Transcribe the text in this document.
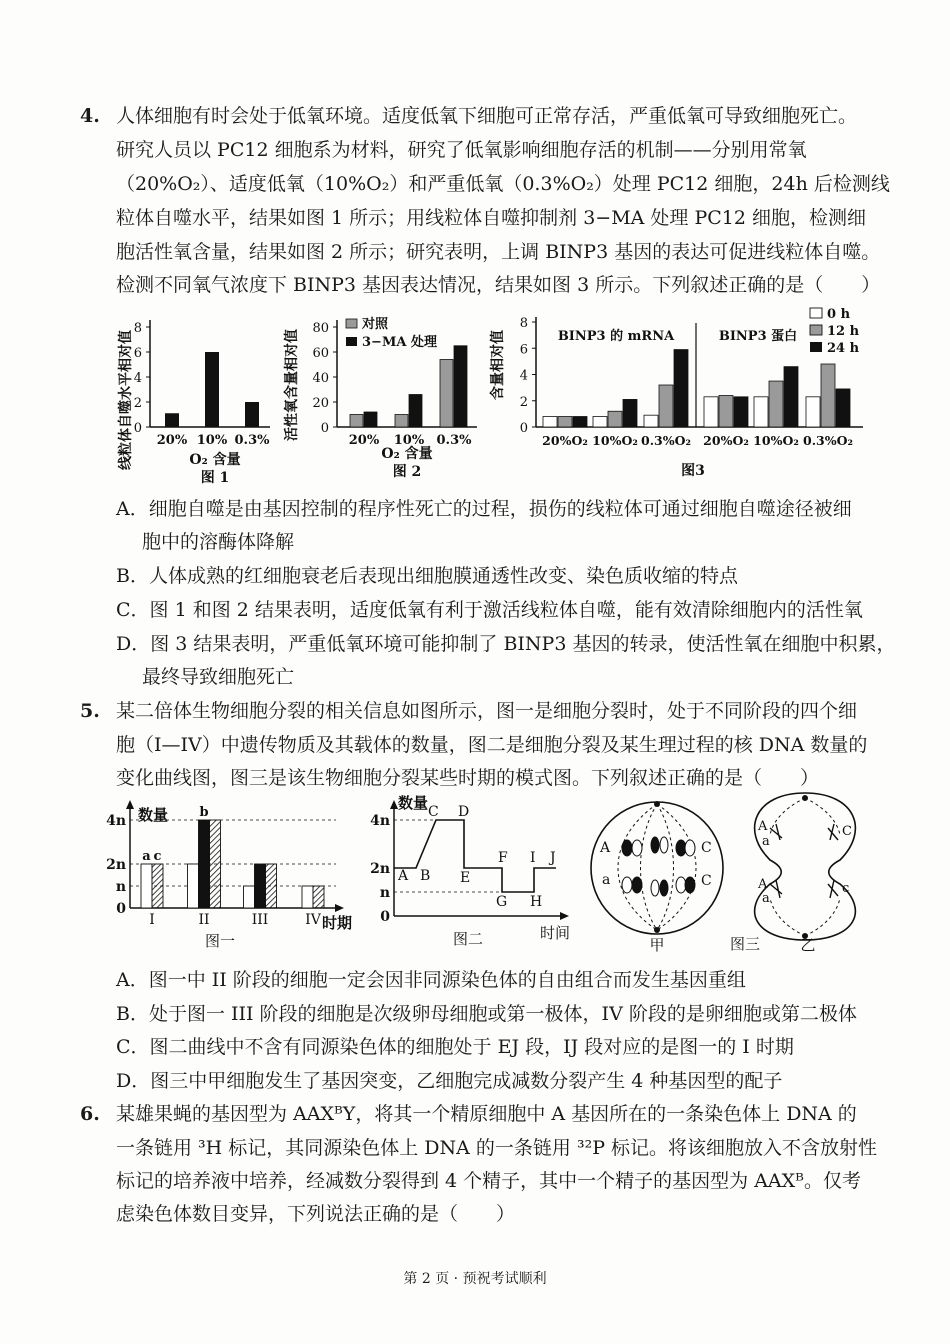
4. 人体细胞有时会处于低氧环境。适度低氧下细胞可正常存活，严重低氧可导致细胞死亡。
研究人员以 PC12 细胞系为材料，研究了低氧影响细胞存活的机制——分别用常氧
（20%O₂）、适度低氧（10%O₂）和严重低氧（0.3%O₂）处理 PC12 细胞，24h 后检测线
粒体自噬水平，结果如图 1 所示；用线粒体自噬抑制剂 3−MA 处理 PC12 细胞，检测细
胞活性氧含量，结果如图 2 所示；研究表明，上调 BINP3 基因的表达可促进线粒体自噬。
检测不同氧气浓度下 BINP3 基因表达情况，结果如图 3 所示。下列叙述正确的是（　　）
线粒体自噬水平相对值 0
2
4
6
8
20% 10% 0.3%
O₂ 含量
图 1
活性氧含量相对值 0
20
40
60
80
20% 10% 0.3%
对照
3−MA 处理
O₂ 含量
图 2
含量相对值
0
2
4
6
8
BINP3 的 mRNA	BINP3 蛋白
0 h
12 h
24 h
20%O₂ 10%O₂ 0.3%O₂ 20%O₂ 10%O₂ 0.3%O₂
图3
A．细胞自噬是由基因控制的程序性死亡的过程，损伤的线粒体可通过细胞自噬途径被细
胞中的溶酶体降解
B．人体成熟的红细胞衰老后表现出细胞膜通透性改变、染色质收缩的特点
C．图 1 和图 2 结果表明，适度低氧有利于激活线粒体自噬，能有效清除细胞内的活性氧
D．图 3 结果表明，严重低氧环境可能抑制了 BINP3 基因的转录，使活性氧在细胞中积累，
最终导致细胞死亡
5. 某二倍体生物细胞分裂的相关信息如图所示，图一是细胞分裂时，处于不同阶段的四个细
胞（I—IV）中遗传物质及其载体的数量，图二是细胞分裂及某生理过程的核 DNA 数量的
变化曲线图，图三是该生物细胞分裂某些时期的模式图。下列叙述正确的是（　　）
数量
时期
4n
2n
n
0
a c
I
b
II	III	IV
图一
数量
时间
4n
2n
n
0
A B
C D
E
F
G H
I J
图二
A
a
C
C
甲
A
a
C
A
a
c
乙
图三
A．图一中 II 阶段的细胞一定会因非同源染色体的自由组合而发生基因重组
B．处于图一 III 阶段的细胞是次级卵母细胞或第一极体，IV 阶段的是卵细胞或第二极体
C．图二曲线中不含有同源染色体的细胞处于 EJ 段，IJ 段对应的是图一的 I 时期
D．图三中甲细胞发生了基因突变，乙细胞完成减数分裂产生 4 种基因型的配子
6. 某雄果蝇的基因型为 AAXᴮY，将其一个精原细胞中 A 基因所在的一条染色体上 DNA 的
一条链用 ³H 标记，其同源染色体上 DNA 的一条链用 ³²P 标记。将该细胞放入不含放射性
标记的培养液中培养，经减数分裂得到 4 个精子，其中一个精子的基因型为 AAXᴮ。仅考
虑染色体数目变异，下列说法正确的是（　　）
第 2 页 · 预祝考试顺利
